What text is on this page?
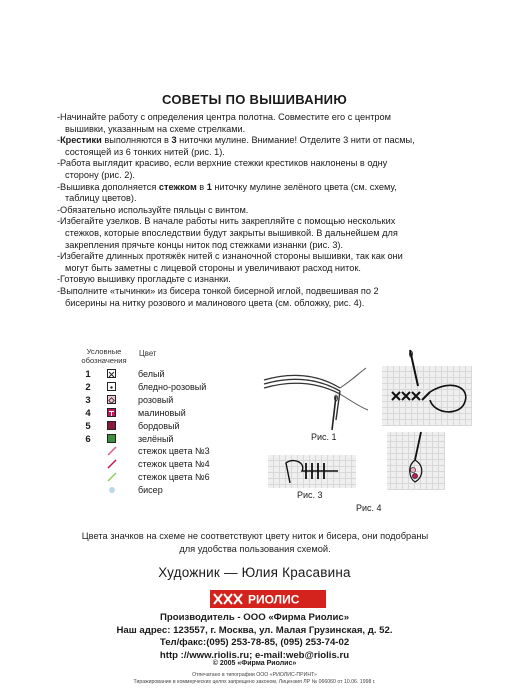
СОВЕТЫ ПО ВЫШИВАНИЮ

-Начинайте работу с определения центра полотна. Совместите его с центром
вышивки, указанным на схеме стрелками.

-Крестики выполняются в 3 ниточки мулине. Внимание! Отделите 3 нити от пасмы,
состоящей из 6 тонких нитей (рис. 1).

-Работа выглядит красиво, если верхние стежки крестиков наклонены в одну
сторону (рис. 2).

-Вышивка дополняется стежком в 1 ниточку мулине зелёного цвета (см. схему,
таблицу цветов).

-Обязательно используйте пяльцы с винтом.

-Избегайте узелков. В начале работы нить закрепляйте с помощью нескольких
стежков, которые впоследствии будут закрыты вышивкой. В дальнейшем для
закрепления прячьте концы ниток под стежками изнанки (рис. 3).

-Избегайте длинных протяжёк нитей с изнаночной стороны вышивки, так как они
могут быть заметны с лицевой стороны и увеличивают расход ниток.

-Готовую вышивку прогладьте с изнанки.

-Выполните «тычинки» из бисера тонкой бисерной иглой, подвешивая по 2
бисерины на нитку розового и малинового цвета (см. обложку, рис. 4).

Условные
обозначения
Цвет
1	белый
2	бледно-розовый
3	розовый
4	малиновый
5	бордовый
6	зелёный
стежок цвета №3
стежок цвета №4
стежок цвета №6
бисер
Рис. 1
Рис. 3
Рис. 4
Цвета значков на схеме не соответствуют цвету ниток и бисера, они подобраны
для удобства пользования схемой.
Художник — Юлия Красавина
РИОЛИС
Производитель - ООО «Фирма Риолис»
Наш адрес: 123557, г. Москва, ул. Малая Грузинская, д. 52.
Тел/факс:(095) 253-78-85, (095) 253-74-02
http ://www.riolis.ru; e-mail:web@riolis.ru
© 2005 «Фирма Риолис»
Отпечатано в типографии ООО «РИОЛИС-ПРИНТ»
Тиражирование в коммерческих целях запрещено законом. Лицензия ЛР № 066060 от 10.06. 1998 г.
